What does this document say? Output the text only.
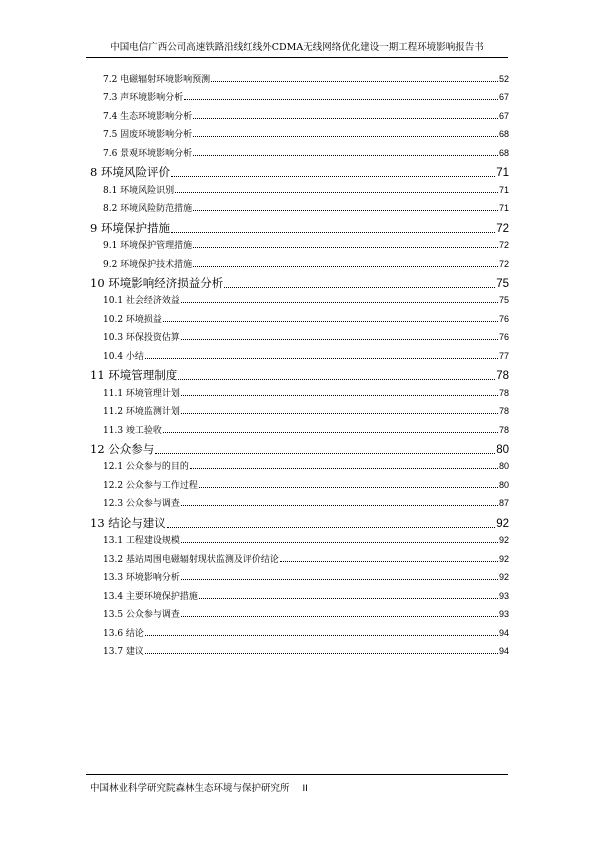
中国电信广西公司高速铁路沿线红线外CDMA无线网络优化建设一期工程环境影响报告书
7.2 电磁辐射环境影响预测	52
7.3 声环境影响分析	67
7.4 生态环境影响分析	67
7.5 固废环境影响分析	68
7.6 景观环境影响分析	68
8 环境风险评价	71
8.1 环境风险识别	71
8.2 环境风险防范措施	71
9 环境保护措施	72
9.1 环境保护管理措施	72
9.2 环境保护技术措施	72
10 环境影响经济损益分析	75
10.1 社会经济效益	75
10.2 环境损益	76
10.3 环保投资估算	76
10.4 小结	77
11 环境管理制度	78
11.1 环境管理计划	78
11.2 环境监测计划	78
11.3 竣工验收	78
12 公众参与	80
12.1 公众参与的目的	80
12.2 公众参与工作过程	80
12.3 公众参与调查	87
13 结论与建议	92
13.1 工程建设规模	92
13.2 基站周围电磁辐射现状监测及评价结论	92
13.3 环境影响分析	92
13.4 主要环境保护措施	93
13.5 公众参与调查	93
13.6 结论	94
13.7 建议	94
中国林业科学研究院森林生态环境与保护研究所 II
